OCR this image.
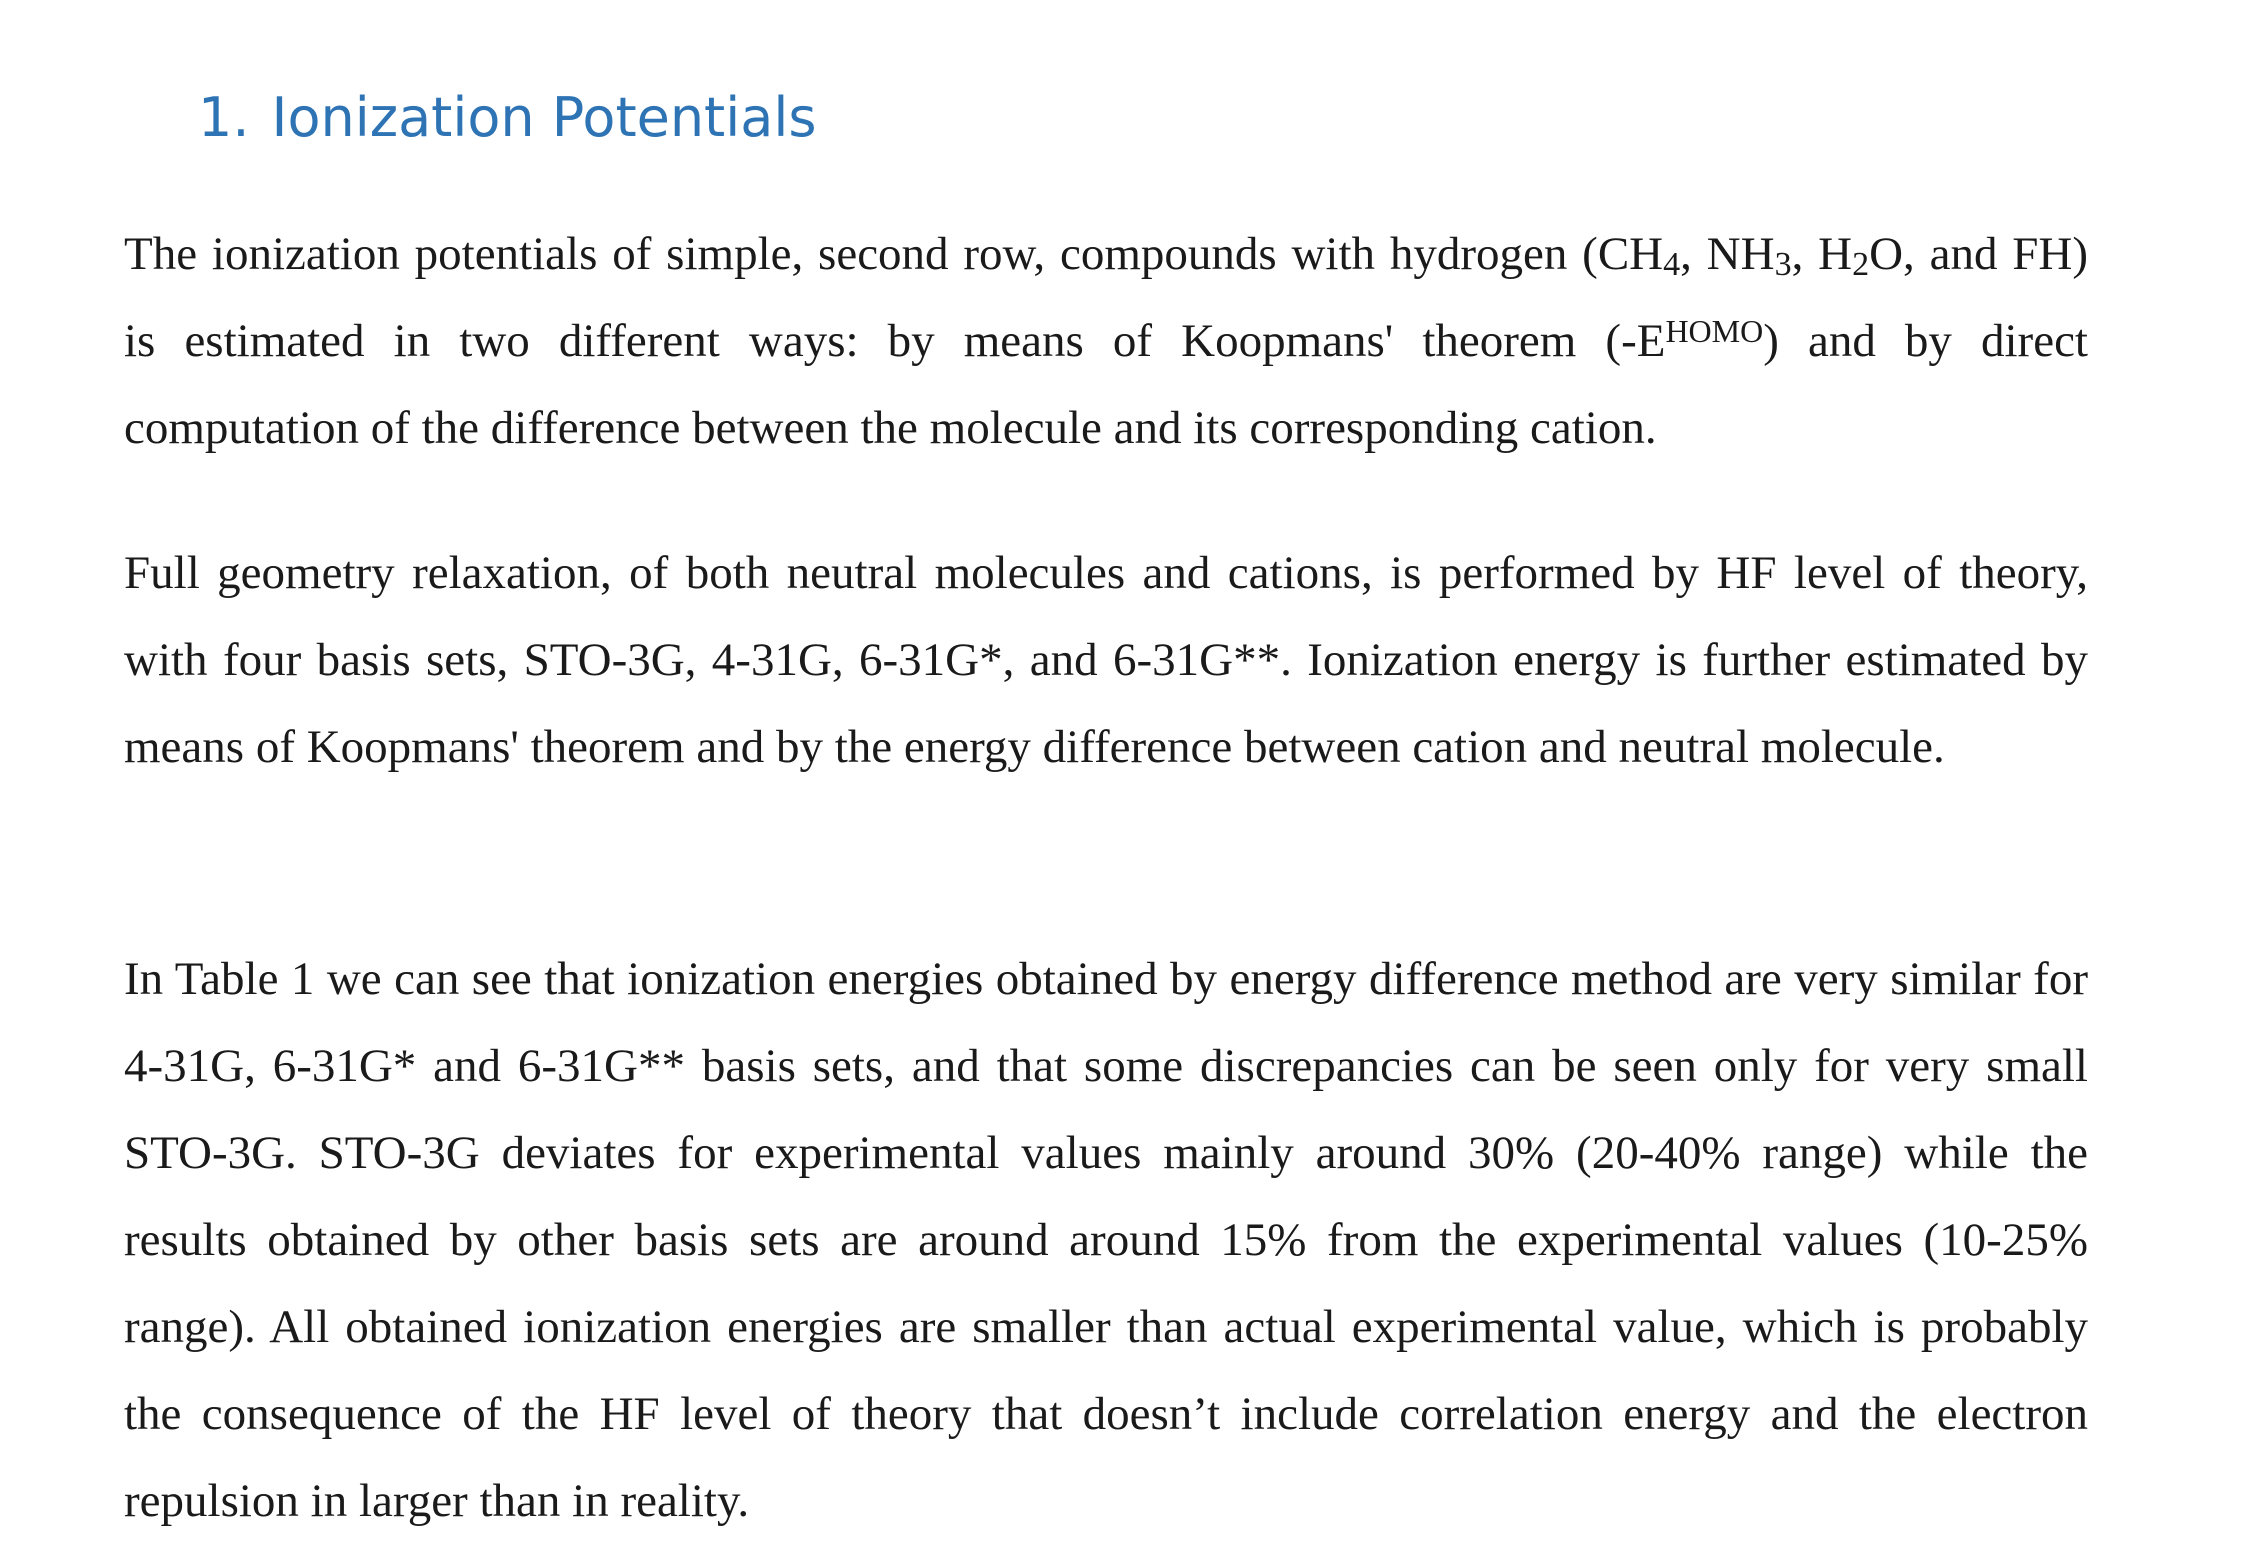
1. Ionization Potentials

The ionization potentials of simple, second row, compounds with hydrogen ($CH_4$, $NH_3$, $H_2O$, and FH) is estimated in two different ways: by means of Koopmans' theorem $(-E^{HOMO})$ and by direct computation of the difference between the molecule and its corresponding cation.

Full geometry relaxation, of both neutral molecules and cations, is performed by HF level of theory, with four basis sets, STO-3G, 4-31G, 6-31G*, and 6-31G**. Ionization energy is further estimated by means of Koopmans' theorem and by the energy difference between cation and neutral molecule.

In Table 1 we can see that ionization energies obtained by energy difference method are very similar for 4-31G, 6-31G* and 6-31G** basis sets, and that some discrepancies can be seen only for very small STO-3G. STO-3G deviates for experimental values mainly around 30% (20-40% range) while the results obtained by other basis sets are around around 15% from the experimental values (10-25% range). All obtained ionization energies are smaller than actual experimental value, which is probably the consequence of the HF level of theory that doesn’t include correlation energy and the electron repulsion in larger than in reality.
